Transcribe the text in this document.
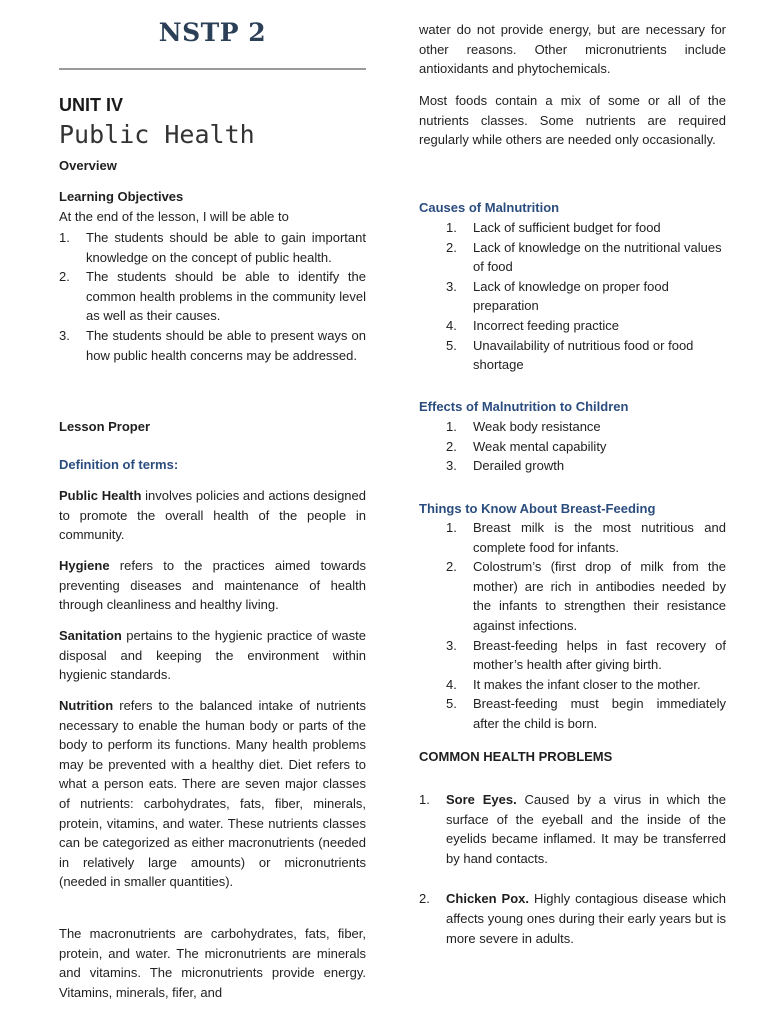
NSTP 2
UNIT IV
Public Health
Overview
Learning Objectives
At the end of the lesson, I will be able to
1. The students should be able to gain important knowledge on the concept of public health.
2. The students should be able to identify the common health problems in the community level as well as their causes.
3. The students should be able to present ways on how public health concerns may be addressed.
Lesson Proper
Definition of terms:

Public Health involves policies and actions designed to promote the overall health of the people in community.

Hygiene refers to the practices aimed towards preventing diseases and maintenance of health through cleanliness and healthy living.

Sanitation pertains to the hygienic practice of waste disposal and keeping the environment within hygienic standards.

Nutrition refers to the balanced intake of nutrients necessary to enable the human body or parts of the body to perform its functions. Many health problems may be prevented with a healthy diet. Diet refers to what a person eats. There are seven major classes of nutrients: carbohydrates, fats, fiber, minerals, protein, vitamins, and water. These nutrients classes can be categorized as either macronutrients (needed in relatively large amounts) or micronutrients (needed in smaller quantities).

The macronutrients are carbohydrates, fats, fiber, protein, and water. The micronutrients are minerals and vitamins. The micronutrients provide energy. Vitamins, minerals, fifer, and

water do not provide energy, but are necessary for other reasons. Other micronutrients include antioxidants and phytochemicals.

Most foods contain a mix of some or all of the nutrients classes. Some nutrients are required regularly while others are needed only occasionally.

Causes of Malnutrition
1. Lack of sufficient budget for food
2. Lack of knowledge on the nutritional values of food
3. Lack of knowledge on proper food preparation
4. Incorrect feeding practice
5. Unavailability of nutritious food or food shortage
Effects of Malnutrition to Children
1. Weak body resistance
2. Weak mental capability
3. Derailed growth
Things to Know About Breast-Feeding
1. Breast milk is the most nutritious and complete food for infants.
2. Colostrum’s (first drop of milk from the mother) are rich in antibodies needed by the infants to strengthen their resistance against infections.
3. Breast-feeding helps in fast recovery of mother’s health after giving birth.
4. It makes the infant closer to the mother.
5. Breast-feeding must begin immediately after the child is born.
COMMON HEALTH PROBLEMS
1. Sore Eyes. Caused by a virus in which the surface of the eyeball and the inside of the eyelids became inflamed. It may be transferred by hand contacts.
2. Chicken Pox. Highly contagious disease which affects young ones during their early years but is more severe in adults.
